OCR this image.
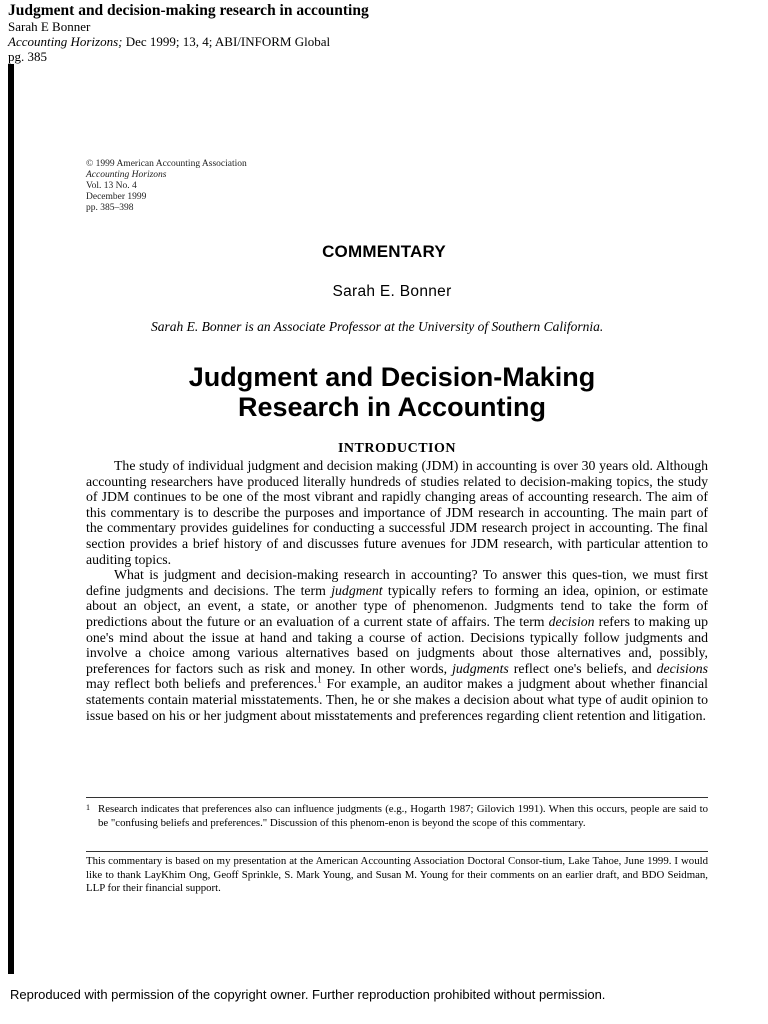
Judgment and decision-making research in accounting
Sarah E Bonner
Accounting Horizons; Dec 1999; 13, 4; ABI/INFORM Global
pg. 385
© 1999 American Accounting Association
Accounting Horizons
Vol. 13 No. 4
December 1999
pp. 385–398
COMMENTARY
Sarah E. Bonner
Sarah E. Bonner is an Associate Professor at the University of Southern California.
Judgment and Decision-Making
Research in Accounting
INTRODUCTION

The study of individual judgment and decision making (JDM) in accounting is over 30 years old. Although accounting researchers have produced literally hundreds of studies related to decision-making topics, the study of JDM continues to be one of the most vibrant and rapidly changing areas of accounting research. The aim of this commentary is to describe the purposes and importance of JDM research in accounting. The main part of the commentary provides guidelines for conducting a successful JDM research project in accounting. The final section provides a brief history of and discusses future avenues for JDM research, with particular attention to auditing topics.

What is judgment and decision-making research in accounting? To answer this ques-tion, we must first define judgments and decisions. The term judgment typically refers to forming an idea, opinion, or estimate about an object, an event, a state, or another type of phenomenon. Judgments tend to take the form of predictions about the future or an evaluation of a current state of affairs. The term decision refers to making up one's mind about the issue at hand and taking a course of action. Decisions typically follow judgments and involve a choice among various alternatives based on judgments about those alternatives and, possibly, preferences for factors such as risk and money. In other words, judgments reflect one's beliefs, and decisions may reflect both beliefs and preferences.$^1$ For example, an auditor makes a judgment about whether financial statements contain material misstatements. Then, he or she makes a decision about what type of audit opinion to issue based on his or her judgment about misstatements and preferences regarding client retention and litigation.

1 Research indicates that preferences also can influence judgments (e.g., Hogarth 1987; Gilovich 1991). When this occurs, people are said to be "confusing beliefs and preferences." Discussion of this phenom-enon is beyond the scope of this commentary.
This commentary is based on my presentation at the American Accounting Association Doctoral Consor-tium, Lake Tahoe, June 1999. I would like to thank LayKhim Ong, Geoff Sprinkle, S. Mark Young, and Susan M. Young for their comments on an earlier draft, and BDO Seidman, LLP for their financial support.
Reproduced with permission of the copyright owner. Further reproduction prohibited without permission.
